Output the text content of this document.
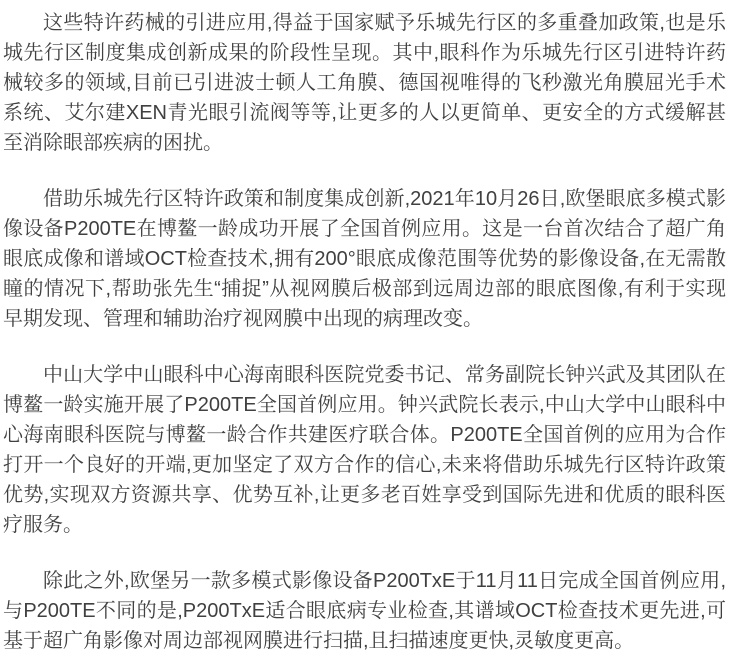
这些特许药械的引进应用,得益于国家赋予乐城先行区的多重叠加政策,也是乐城先行区制度集成创新成果的阶段性呈现。其中,眼科作为乐城先行区引进特许药械较多的领域,目前已引进波士顿人工角膜、德国视唯得的飞秒激光角膜屈光手术系统、艾尔建XEN青光眼引流阀等等,让更多的人以更简单、更安全的方式缓解甚至消除眼部疾病的困扰。

借助乐城先行区特许政策和制度集成创新,2021年10月26日,欧堡眼底多模式影像设备P200TE在博鳌一龄成功开展了全国首例应用。这是一台首次结合了超广角眼底成像和谱域OCT检查技术,拥有200°眼底成像范围等优势的影像设备,在无需散瞳的情况下,帮助张先生“捕捉”从视网膜后极部到远周边部的眼底图像,有利于实现早期发现、管理和辅助治疗视网膜中出现的病理改变。

中山大学中山眼科中心海南眼科医院党委书记、常务副院长钟兴武及其团队在博鳌一龄实施开展了P200TE全国首例应用。钟兴武院长表示,中山大学中山眼科中心海南眼科医院与博鳌一龄合作共建医疗联合体。P200TE全国首例的应用为合作打开一个良好的开端,更加坚定了双方合作的信心,未来将借助乐城先行区特许政策优势,实现双方资源共享、优势互补,让更多老百姓享受到国际先进和优质的眼科医疗服务。

除此之外,欧堡另一款多模式影像设备P200TxE于11月11日完成全国首例应用,与P200TE不同的是,P200TxE适合眼底病专业检查,其谱域OCT检查技术更先进,可基于超广角影像对周边部视网膜进行扫描,且扫描速度更快,灵敏度更高。
